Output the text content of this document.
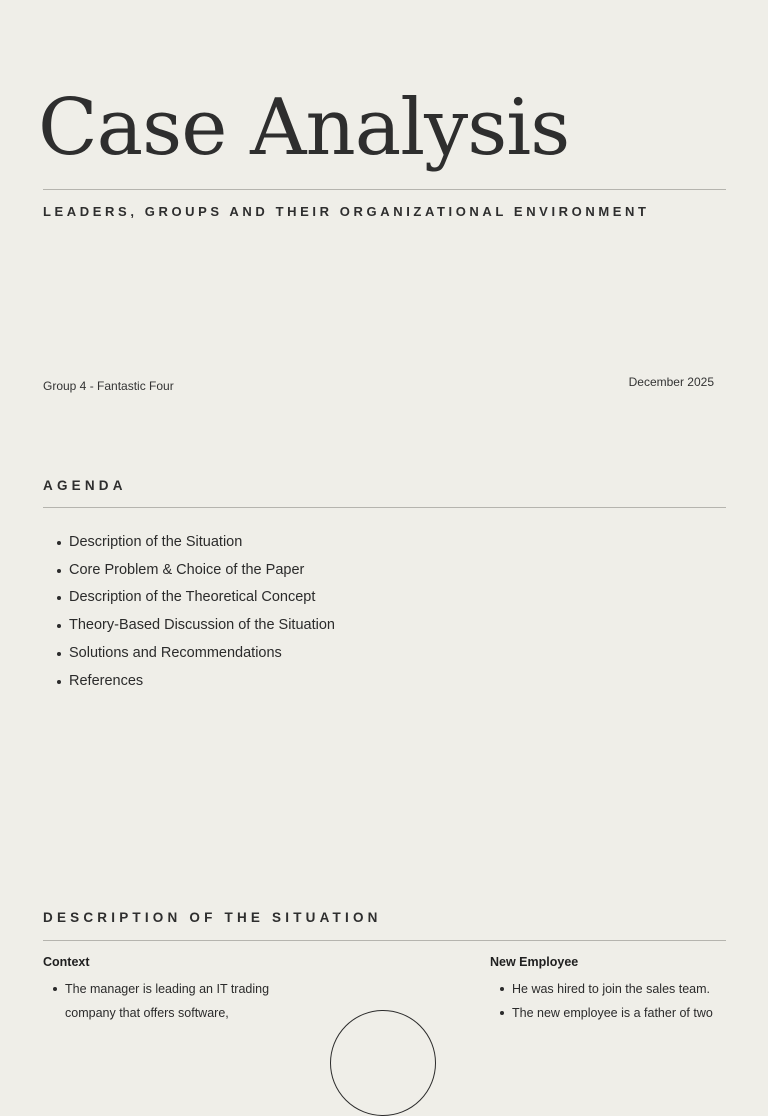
Case Analysis
LEADERS, GROUPS AND THEIR ORGANIZATIONAL ENVIRONMENT
Group 4 - Fantastic Four	December 2025
AGENDA
Description of the Situation
Core Problem & Choice of the Paper
Description of the Theoretical Concept
Theory-Based Discussion of the Situation
Solutions and Recommendations
References
DESCRIPTION OF THE SITUATION
Context
The manager is leading an IT trading
company that offers software,
New Employee
He was hired to join the sales team.
The new employee is a father of two
